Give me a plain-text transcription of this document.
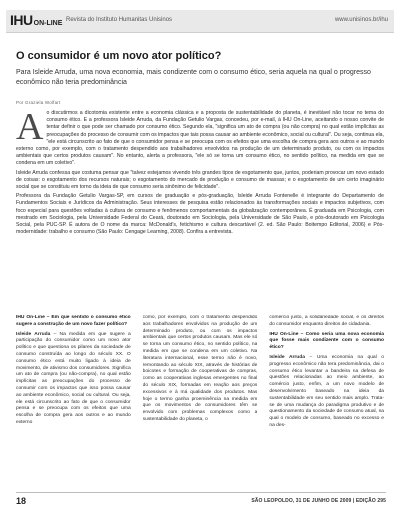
IHUON-LINE Revista do Instituto Humanitas Unisinos	www.unisinos.br/ihu
O consumidor é um novo ator político?

Para Isleide Arruda, uma nova economia, mais condizente com o consumo ético, seria aquela na qual o progresso econômico não teria predominância

Por Graziela Wolfart

Ao discutirmos a dicotomia existente entre a economia clássica e a proposta de sustentabilidade do planeta, é inevitável não tocar no tema do consumo ético. E a professora Isleide Arruda, da Fundação Getulio Vargas, concedeu, por e-mail, à IHU On-Line, aceitando o nosso convite de tentar definir o que pode ser chamado por consumo ético. Segundo ela, "significa um ato de compra (ou não compra) no qual estão implícitas as preocupações do processo de consumir com os impactos que tais possa causar ao ambiente econômico, social ou cultural". Ou seja, continua ela, "ele está circunscrito ao fato de que o consumidor pensa e se preocupa com os efeitos que uma escolha de compra gera aos outros e ao mundo externo como, por exemplo, com o tratamento despendido aos trabalhadores envolvidos na produção de um determinado produto, ou com os impactos ambientais que certos produtos causam". No entanto, alerta a professora, "ele só se torna um consumo ético, no sentido político, na medida em que se condena em um coletivo".

Isleide Arruda confessa que costuma pensar que "talvez estejamos vivendo três grandes tipos de esgotamento que, juntos, poderiam provocar um novo estado de coisas: o esgotamento dos recursos naturais; o esgotamento do mercado de produção e consumo de massas; e o esgotamento de um certo imaginário social que se constituiu em torno da ideia de que consumo seria sinônimo de felicidade".

Professora da Fundação Getulio Vargas-SP, em cursos de graduação e pós-graduação, Isleide Arruda Fontenelle é integrante do Departamento de Fundamentos Sociais e Jurídicos da Administração. Seus interesses de pesquisa estão relacionados às transformações sociais e impactos subjetivos, com foco especial para questões voltadas à cultura de consumo e fenômenos comportamentais da globalização contemporânea. É graduada em Psicologia, com mestrado em Sociologia, pela Universidade Federal do Ceará, doutorado em Sociologia, pela Universidade de São Paulo, e pós-doutorado em Psicologia Social, pela PUC-SP. É autora de O nome da marca: McDonald's, fetichismo e cultura descartável (2. ed. São Paulo: Boitempo Editorial, 2006) e Pós-modernidade: trabalho e consumo (São Paulo: Cengage Learning, 2008). Confira a entrevista.

IHU On-Line – Em que sentido o consumo ético sugere a construção de um novo fazer político?

Isleide Arruda – Na medida em que sugere a participação do consumidor como um novo ator político e que questiona os pilares da sociedade de consumo construída ao longo do século XX. O consumo ético está muito ligado à ideia de movimento, de ativismo dos consumidores. Significa um ato de compra (ou não-compra), no qual estão implícitas as preocupações do processo de consumir com os impactos que isso possa causar ao ambiente econômico, social ou cultural. Ou seja, ele está circunscrito ao fato de que o consumidor pensa e se preocupa com os efeitos que uma escolha de compra gera aos outros e ao mundo externo

como, por exemplo, com o tratamento despendido aos trabalhadores envolvidos na produção de um determinado produto, ou com os impactos ambientais que certos produtos causam. Mas ele só se torna um consumo ético, no sentido político, na medida em que se condena em um coletivo. Na literatura internacional, esse termo não é novo, remontando ao século XIX, através de histórias de boicotes e formação de cooperativas de compras, como as cooperativas inglesas emergentes no final do século XIX, formadas em reação aos preços excessivos e à má qualidade dos produtos. Mas hoje o termo ganha proeminência na medida em que os movimentos de consumidores têm se envolvido com problemas complexos como a sustentabilidade do planeta, o

comércio justo, a solidariedade social, e os direitos do consumidor enquanto direitos de cidadania.

IHU On-Line – Como seria uma nova economia que fosse mais condizente com o consumo ético?

Isleide Arruda – Uma economia na qual o progresso econômico não tera predominância, dai o consumo ético levantar a bandeira na defesa de questões relacionadas ao meio ambiente, ao comércio justo, enfim, a um novo modelo de desenvolvimento baseado na ideia da sustentabilidade em seu sentido mais amplo. Trata-se de uma mudança do paradigma produtivo e de questionamento da sociedade de consumo atual, na qual o modelo de consumo, baseado no excesso e na des-

18	SÃO LEOPOLDO, 31 DE JUNHO DE 2009 | EDIÇÃO 295
